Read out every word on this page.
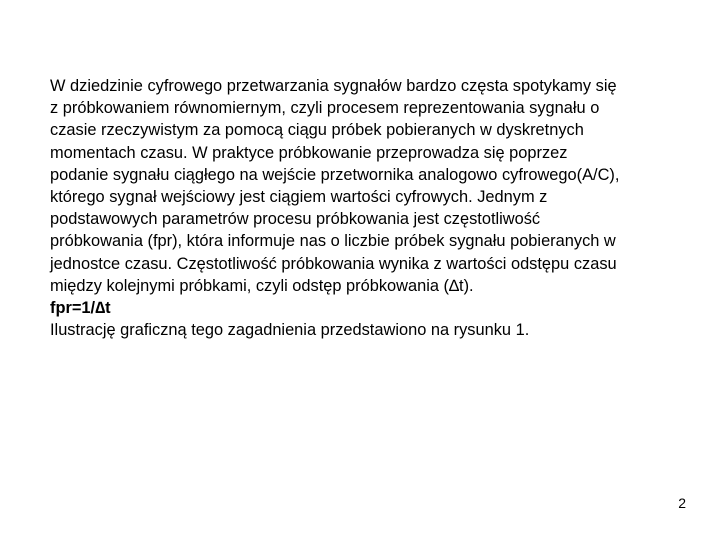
W dziedzinie cyfrowego przetwarzania sygnałów bardzo częsta spotykamy się
z próbkowaniem równomiernym, czyli procesem reprezentowania sygnału o
czasie rzeczywistym za pomocą ciągu próbek pobieranych w dyskretnych
momentach czasu. W praktyce próbkowanie przeprowadza się poprzez
podanie sygnału ciągłego na wejście przetwornika analogowo cyfrowego(A/C),
którego sygnał wejściowy jest ciągiem wartości cyfrowych. Jednym z
podstawowych parametrów procesu próbkowania jest częstotliwość
próbkowania (fpr), która informuje nas o liczbie próbek sygnału pobieranych w
jednostce czasu. Częstotliwość próbkowania wynika z wartości odstępu czasu
między kolejnymi próbkami, czyli odstęp próbkowania (∆t).
fpr=1/∆t
Ilustrację graficzną tego zagadnienia przedstawiono na rysunku 1.
2
